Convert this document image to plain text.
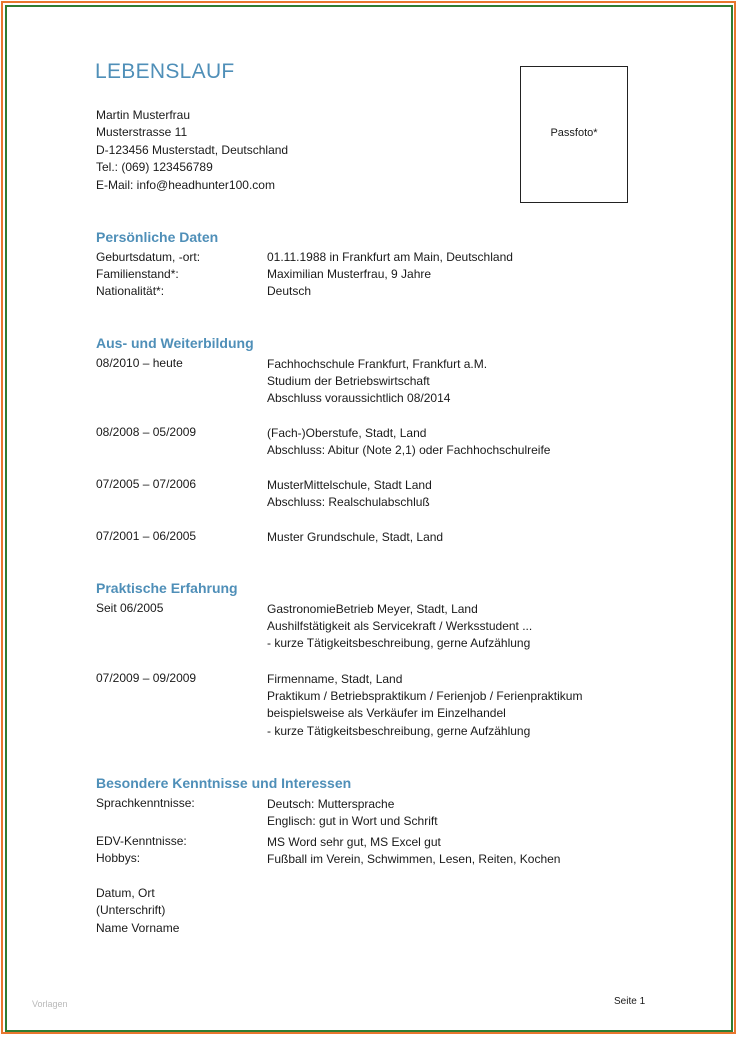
LEBENSLAUF
Martin Musterfrau
Musterstrasse 11
D-123456 Musterstadt, Deutschland
Tel.: (069) 123456789
E-Mail: info@headhunter100.com
Passfoto*
Persönliche Daten
Geburtsdatum, -ort:	01.11.1988 in Frankfurt am Main, Deutschland
Familienstand*:	Maximilian Musterfrau, 9 Jahre
Nationalität*:	Deutsch
Aus- und Weiterbildung
08/2010 – heute	Fachhochschule Frankfurt, Frankfurt a.M.
Studium der Betriebswirtschaft
Abschluss voraussichtlich 08/2014
08/2008 – 05/2009	(Fach-)Oberstufe, Stadt, Land
Abschluss: Abitur (Note 2,1) oder Fachhochschulreife
07/2005 – 07/2006	MusterMittelschule, Stadt Land
Abschluss: Realschulabschluß
07/2001 – 06/2005	Muster Grundschule, Stadt, Land
Praktische Erfahrung
Seit 06/2005	GastronomieBetrieb Meyer, Stadt, Land
Aushilfstätigkeit als Servicekraft / Werksstudent ...
- kurze Tätigkeitsbeschreibung, gerne Aufzählung
07/2009 – 09/2009	Firmenname, Stadt, Land
Praktikum / Betriebspraktikum / Ferienjob / Ferienpraktikum
beispielsweise als Verkäufer im Einzelhandel
- kurze Tätigkeitsbeschreibung, gerne Aufzählung
Besondere Kenntnisse und Interessen
Sprachkenntnisse:	Deutsch: Muttersprache
Englisch: gut in Wort und Schrift
EDV-Kenntnisse:	MS Word sehr gut, MS Excel gut
Hobbys:	Fußball im Verein, Schwimmen, Lesen, Reiten, Kochen
Datum, Ort
(Unterschrift)
Name Vorname
Vorlagen	Seite 1
